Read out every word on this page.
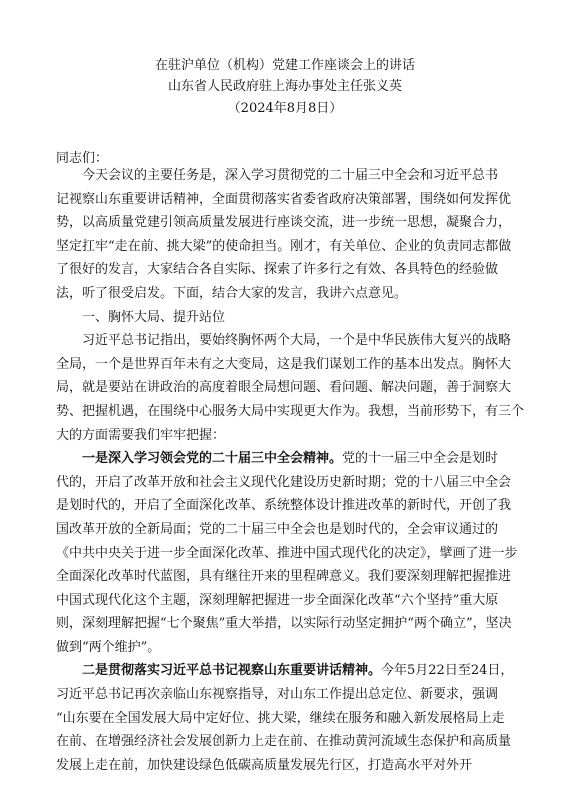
在驻沪单位（机构）党建工作座谈会上的讲话
山东省人民政府驻上海办事处主任张义英
（2024年8月8日）
同志们：
　　今天会议的主要任务是，深入学习贯彻党的二十届三中全会和习近平总书
记视察山东重要讲话精神，全面贯彻落实省委省政府决策部署，围绕如何发挥优
势，以高质量党建引领高质量发展进行座谈交流，进一步统一思想，凝聚合力，
坚定扛牢“走在前、挑大梁”的使命担当。刚才，有关单位、企业的负责同志都做
了很好的发言，大家结合各自实际、探索了许多行之有效、各具特色的经验做
法，听了很受启发。下面，结合大家的发言，我讲六点意见。
　　一、胸怀大局、提升站位
　　习近平总书记指出，要始终胸怀两个大局，一个是中华民族伟大复兴的战略
全局，一个是世界百年未有之大变局，这是我们谋划工作的基本出发点。胸怀大
局，就是要站在讲政治的高度着眼全局想问题、看问题、解决问题，善于洞察大
势、把握机遇，在围绕中心服务大局中实现更大作为。我想，当前形势下，有三个
大的方面需要我们牢牢把握：
　　一是深入学习领会党的二十届三中全会精神。党的十一届三中全会是划时
代的，开启了改革开放和社会主义现代化建设历史新时期；党的十八届三中全会
是划时代的，开启了全面深化改革、系统整体设计推进改革的新时代，开创了我
国改革开放的全新局面；党的二十届三中全会也是划时代的，全会审议通过的
《中共中央关于进一步全面深化改革、推进中国式现代化的决定》，擘画了进一步
全面深化改革时代蓝图，具有继往开来的里程碑意义。我们要深刻理解把握推进
中国式现代化这个主题，深刻理解把握进一步全面深化改革“六个坚持”重大原
则，深刻理解把握“七个聚焦”重大举措，以实际行动坚定拥护“两个确立”，坚决
做到“两个维护”。
　　二是贯彻落实习近平总书记视察山东重要讲话精神。今年5月22日至24日，
习近平总书记再次亲临山东视察指导，对山东工作提出总定位、新要求，强调
“山东要在全国发展大局中定好位、挑大梁，继续在服务和融入新发展格局上走
在前、在增强经济社会发展创新力上走在前、在推动黄河流域生态保护和高质量
发展上走在前，加快建设绿色低碳高质量发展先行区，打造高水平对外开
